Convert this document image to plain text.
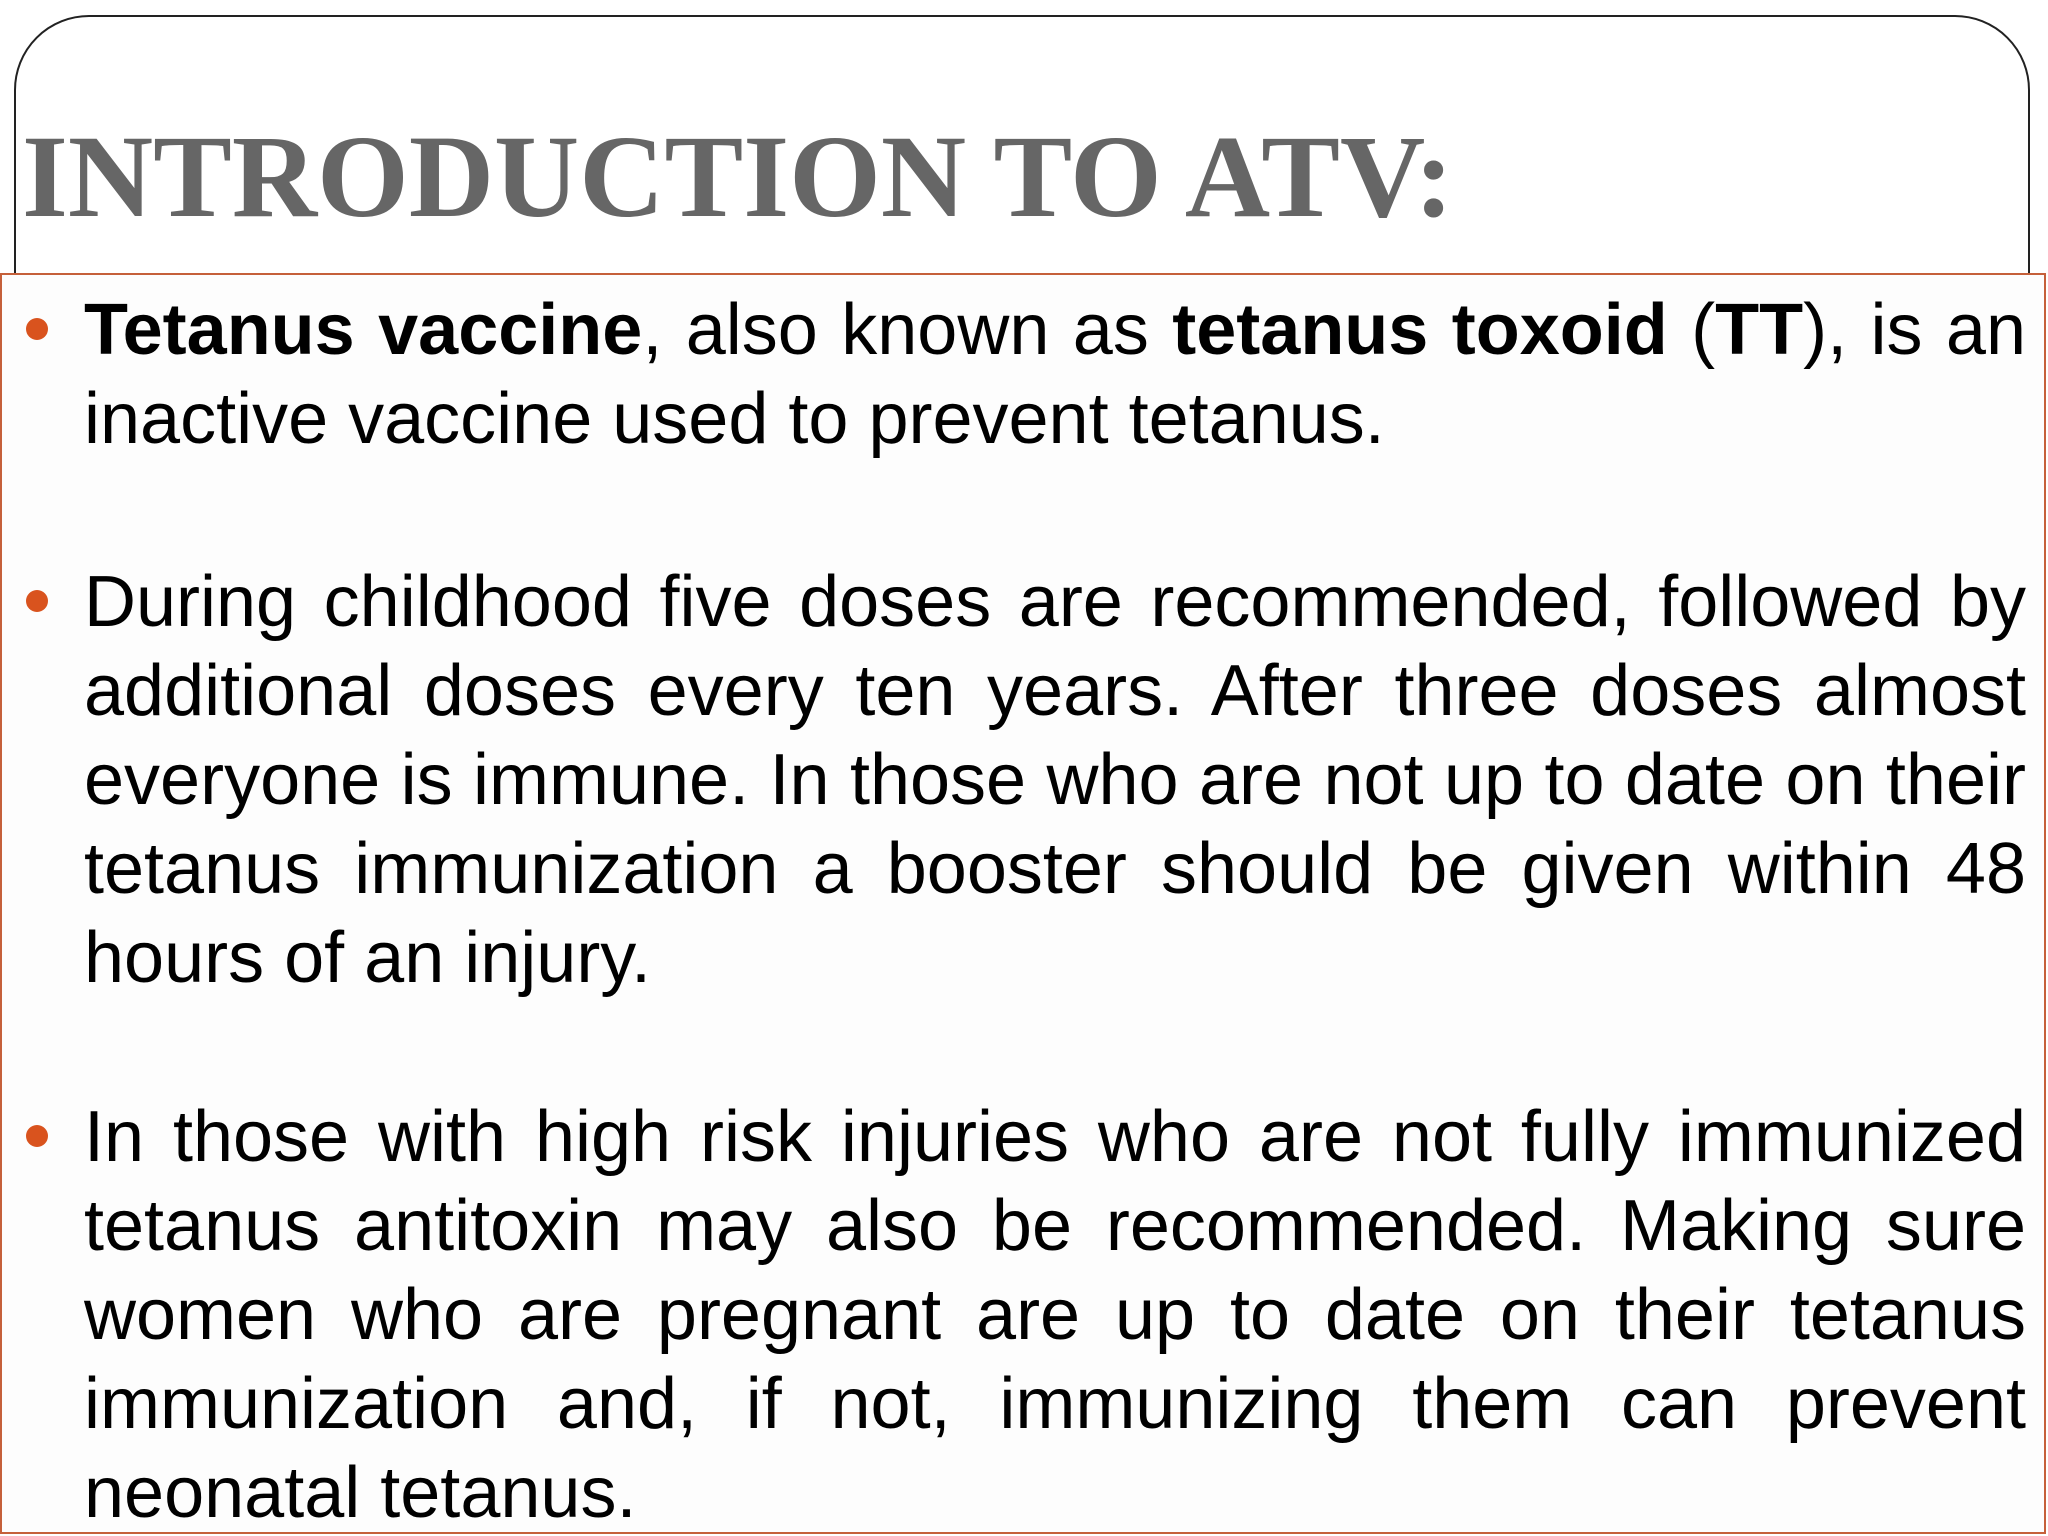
INTRODUCTION TO ATV:
Tetanus vaccine, also known as tetanus toxoid (TT), is an inactive vaccine used to prevent tetanus.
During childhood five doses are recommended, followed by additional doses every ten years. After three doses almost everyone is immune. In those who are not up to date on their tetanus immunization a booster should be given within 48 hours of an injury.
In those with high risk injuries who are not fully immunized tetanus antitoxin may also be recommended. Making sure women who are pregnant are up to date on their tetanus immunization and, if not, immunizing them can prevent neonatal tetanus.
